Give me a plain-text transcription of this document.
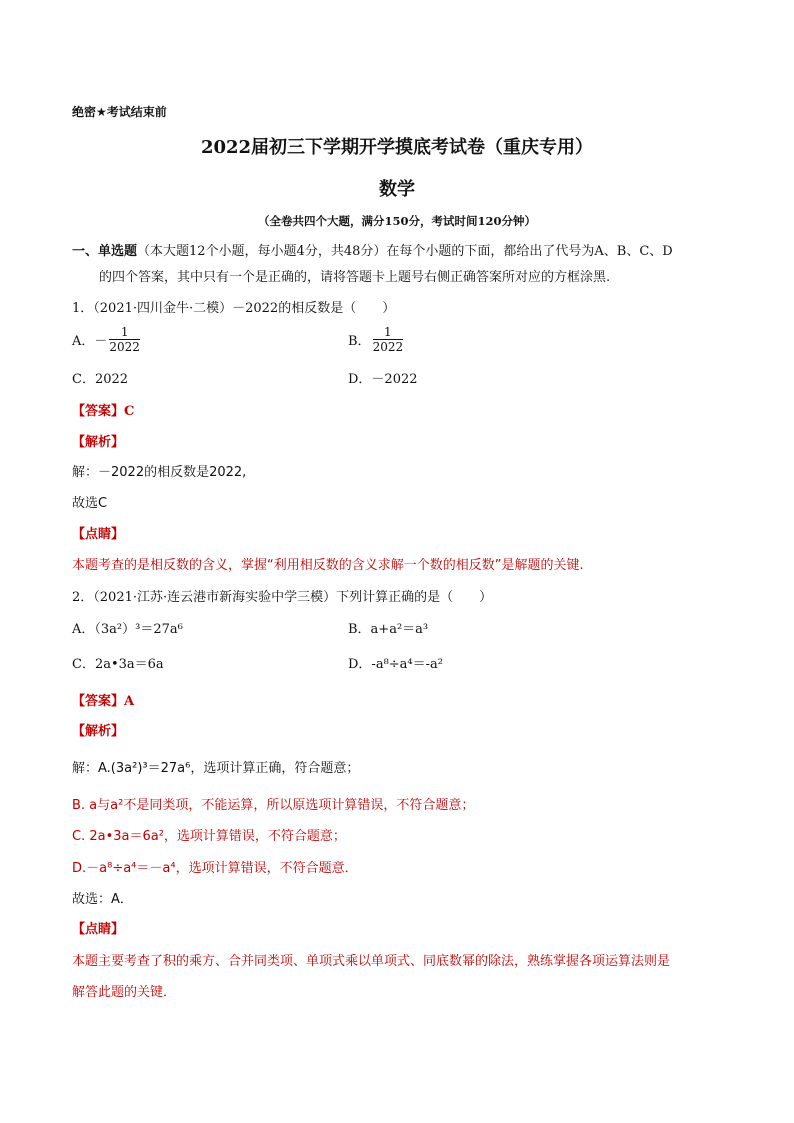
绝密★考试结束前
2022届初三下学期开学摸底考试卷（重庆专用）
数学
（全卷共四个大题，满分150分，考试时间120分钟）
一、单选题（本大题12个小题，每小题4分，共48分）在每个小题的下面，都给出了代号为A、B、C、D
的四个答案，其中只有一个是正确的，请将答题卡上题号右侧正确答案所对应的方框涂黑.
1．（2021·四川金牛·二模）－2022的相反数是（　　）
A．－ $\frac{1}{2022}$	B． $\frac{1}{2022}$
C．2022	D．－2022
【答案】C
【解析】
解：－2022的相反数是2022,
故选C
【点睛】
本题考查的是相反数的含义，掌握“利用相反数的含义求解一个数的相反数”是解题的关键.
2．（2021·江苏·连云港市新海实验中学三模）下列计算正确的是（　　）
A．（3a²）³＝27a⁶	B．a+a²＝a³
C．2a•3a＝6a	D．-a⁸÷a⁴＝-a²
【答案】A
【解析】
解：A.(3a²)³＝27a⁶，选项计算正确，符合题意；
B. a与a²不是同类项，不能运算，所以原选项计算错误，不符合题意；
C. 2a•3a＝6a²，选项计算错误，不符合题意；
D.－a⁸÷a⁴＝－a⁴，选项计算错误，不符合题意．
故选：A．
【点睛】
本题主要考查了积的乘方、合并同类项、单项式乘以单项式、同底数幂的除法，熟练掌握各项运算法则是
解答此题的关键．
